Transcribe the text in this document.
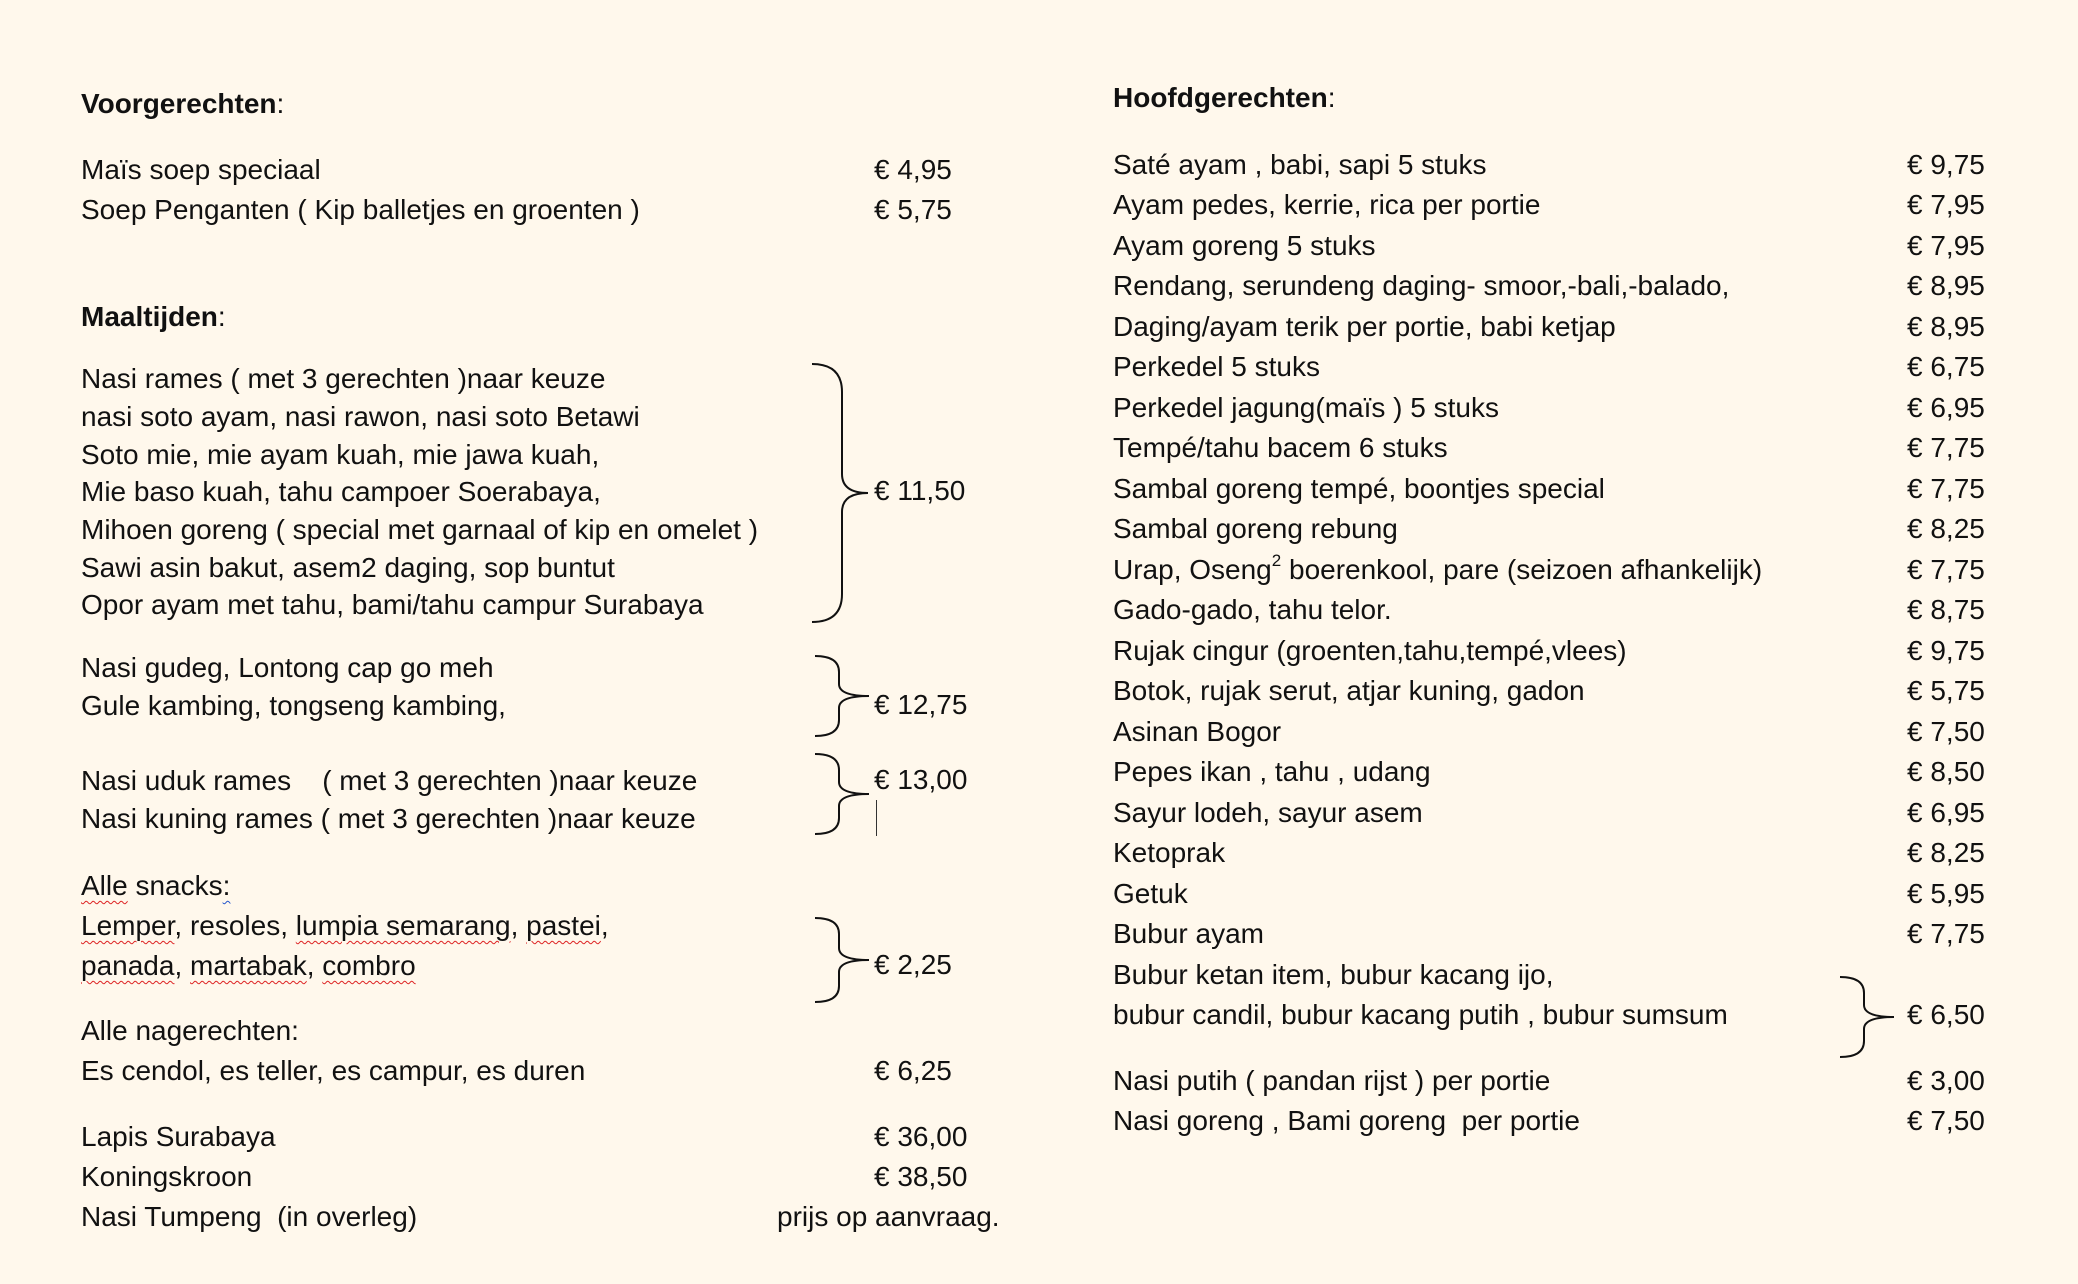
Voorgerechten:
Maïs soep speciaal	€ 4,95
Soep Penganten ( Kip balletjes en groenten )	€ 5,75
Maaltijden:
Nasi rames ( met 3 gerechten )naar keuze
nasi soto ayam, nasi rawon, nasi soto Betawi
Soto mie, mie ayam kuah, mie jawa kuah,
Mie baso kuah, tahu campoer Soerabaya,
Mihoen goreng ( special met garnaal of kip en omelet )
Sawi asin bakut, asem2 daging, sop buntut
Opor ayam met tahu, bami/tahu campur Surabaya
€ 11,50
Nasi gudeg, Lontong cap go meh
Gule kambing, tongseng kambing,	€ 12,75
Nasi uduk rames    ( met 3 gerechten )naar keuze
Nasi kuning rames ( met 3 gerechten )naar keuze
€ 13,00
Alle snacks:
Lemper, resoles, lumpia semarang, pastei,
panada, martabak, combro	€ 2,25
Alle nagerechten:
Es cendol, es teller, es campur, es duren	€ 6,25
Lapis Surabaya	€ 36,00
Koningskroon	€ 38,50
Nasi Tumpeng  (in overleg)	prijs op aanvraag.
Hoofdgerechten:
Saté ayam , babi, sapi 5 stuks	€ 9,75
Ayam pedes, kerrie, rica per portie	€ 7,95
Ayam goreng 5 stuks	€ 7,95
Rendang, serundeng daging- smoor,-bali,-balado,	€ 8,95
Daging/ayam terik per portie, babi ketjap	€ 8,95
Perkedel 5 stuks	€ 6,75
Perkedel jagung(maïs ) 5 stuks	€ 6,95
Tempé/tahu bacem 6 stuks	€ 7,75
Sambal goreng tempé, boontjes special	€ 7,75
Sambal goreng rebung	€ 8,25
Urap, Oseng$^2$ boerenkool, pare (seizoen afhankelijk)	€ 7,75
Gado-gado, tahu telor.	€ 8,75
Rujak cingur (groenten,tahu,tempé,vlees)	€ 9,75
Botok, rujak serut, atjar kuning, gadon	€ 5,75
Asinan Bogor	€ 7,50
Pepes ikan , tahu , udang	€ 8,50
Sayur lodeh, sayur asem	€ 6,95
Ketoprak	€ 8,25
Getuk	€ 5,95
Bubur ayam	€ 7,75
Bubur ketan item, bubur kacang ijo,
bubur candil, bubur kacang putih , bubur sumsum	€ 6,50
Nasi putih ( pandan rijst ) per portie	€ 3,00
Nasi goreng , Bami goreng  per portie	€ 7,50
